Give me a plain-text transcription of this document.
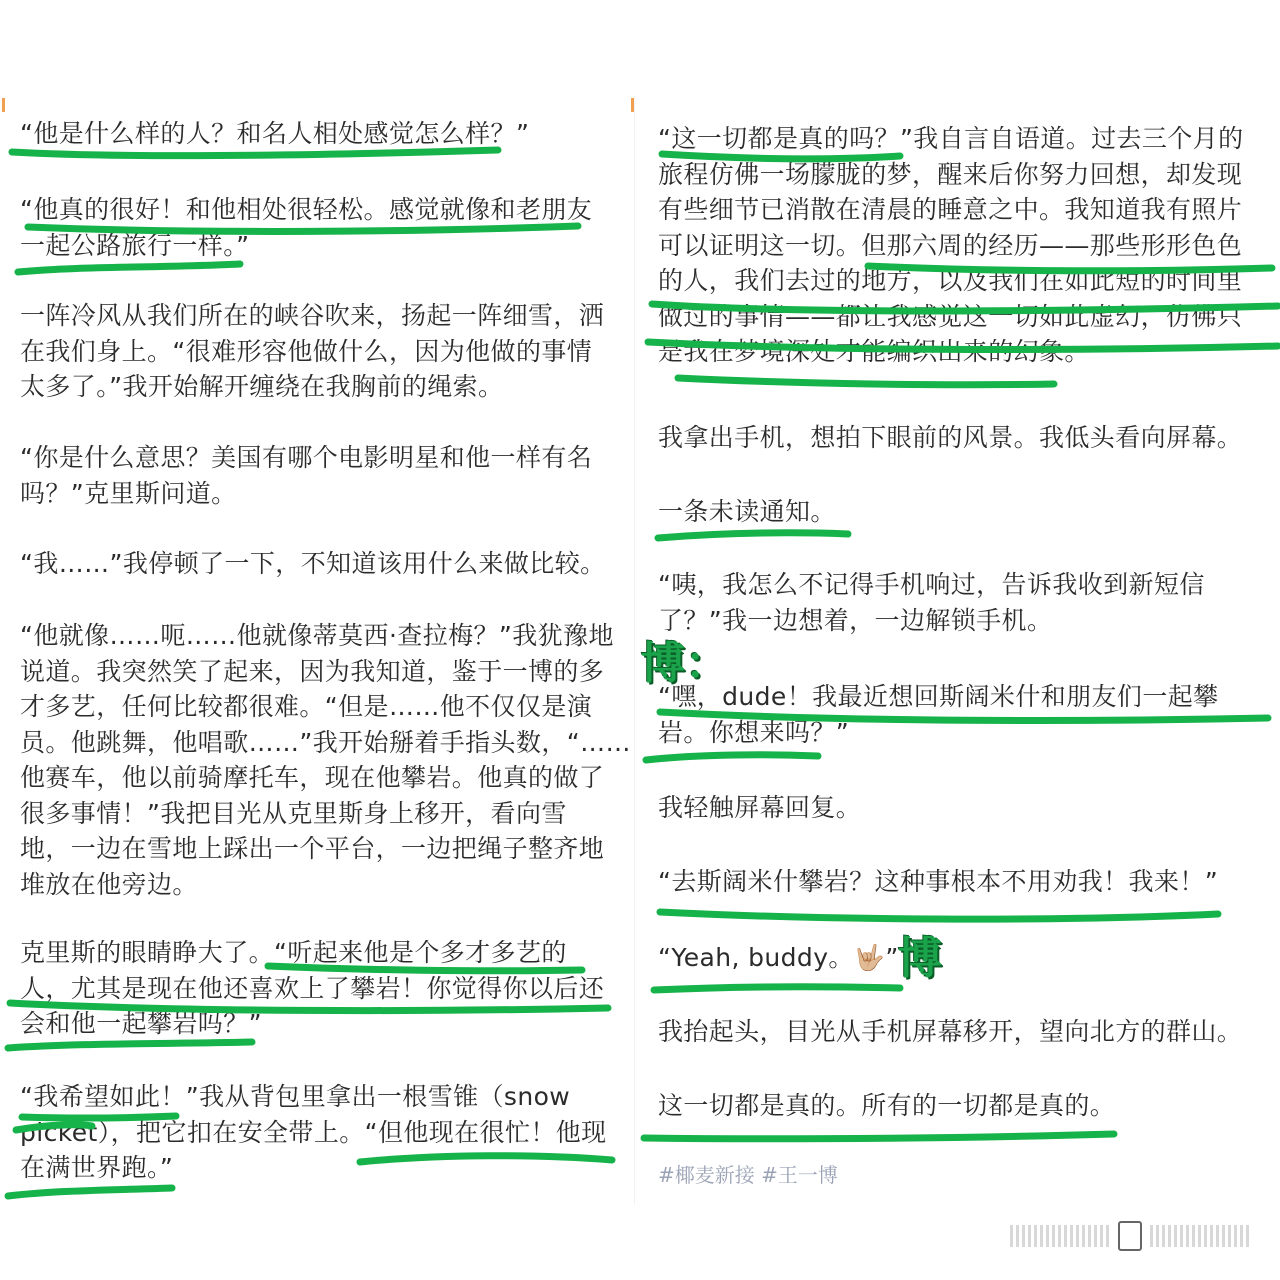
“他是什么样的人？和名人相处感觉怎么样？”
“他真的很好！和他相处很轻松。感觉就像和老朋友
一起公路旅行一样。”
一阵冷风从我们所在的峡谷吹来，扬起一阵细雪，洒
在我们身上。“很难形容他做什么，因为他做的事情
太多了。”我开始解开缠绕在我胸前的绳索。
“你是什么意思？美国有哪个电影明星和他一样有名
吗？”克里斯问道。
“我……”我停顿了一下，不知道该用什么来做比较。
“他就像……呃……他就像蒂莫西·查拉梅？”我犹豫地
说道。我突然笑了起来，因为我知道，鉴于一博的多
才多艺，任何比较都很难。“但是……他不仅仅是演
员。他跳舞，他唱歌……”我开始掰着手指头数，“……
他赛车，他以前骑摩托车，现在他攀岩。他真的做了
很多事情！”我把目光从克里斯身上移开，看向雪
地，一边在雪地上踩出一个平台，一边把绳子整齐地
堆放在他旁边。
克里斯的眼睛睁大了。“听起来他是个多才多艺的
人，尤其是现在他还喜欢上了攀岩！你觉得你以后还
会和他一起攀岩吗？”
“我希望如此！”我从背包里拿出一根雪锥（snow
picket），把它扣在安全带上。“但他现在很忙！他现
在满世界跑。”
“这一切都是真的吗？”我自言自语道。过去三个月的
旅程仿佛一场朦胧的梦，醒来后你努力回想，却发现
有些细节已消散在清晨的睡意之中。我知道我有照片
可以证明这一切。但那六周的经历——那些形形色色
的人，我们去过的地方，以及我们在如此短的时间里
做过的事情——都让我感觉这一切如此虚幻，仿佛只
是我在梦境深处才能编织出来的幻象。
我拿出手机，想拍下眼前的风景。我低头看向屏幕。
一条未读通知。
“咦，我怎么不记得手机响过，告诉我收到新短信
了？”我一边想着，一边解锁手机。
“嘿，dude！我最近想回斯阔米什和朋友们一起攀
岩。你想来吗？”
我轻触屏幕回复。
“去斯阔米什攀岩？这种事根本不用劝我！我来！”
“Yeah, buddy。🤟🏼”
我抬起头，目光从手机屏幕移开，望向北方的群山。
这一切都是真的。所有的一切都是真的。
博：
博
#椰麦新接 #王一博
